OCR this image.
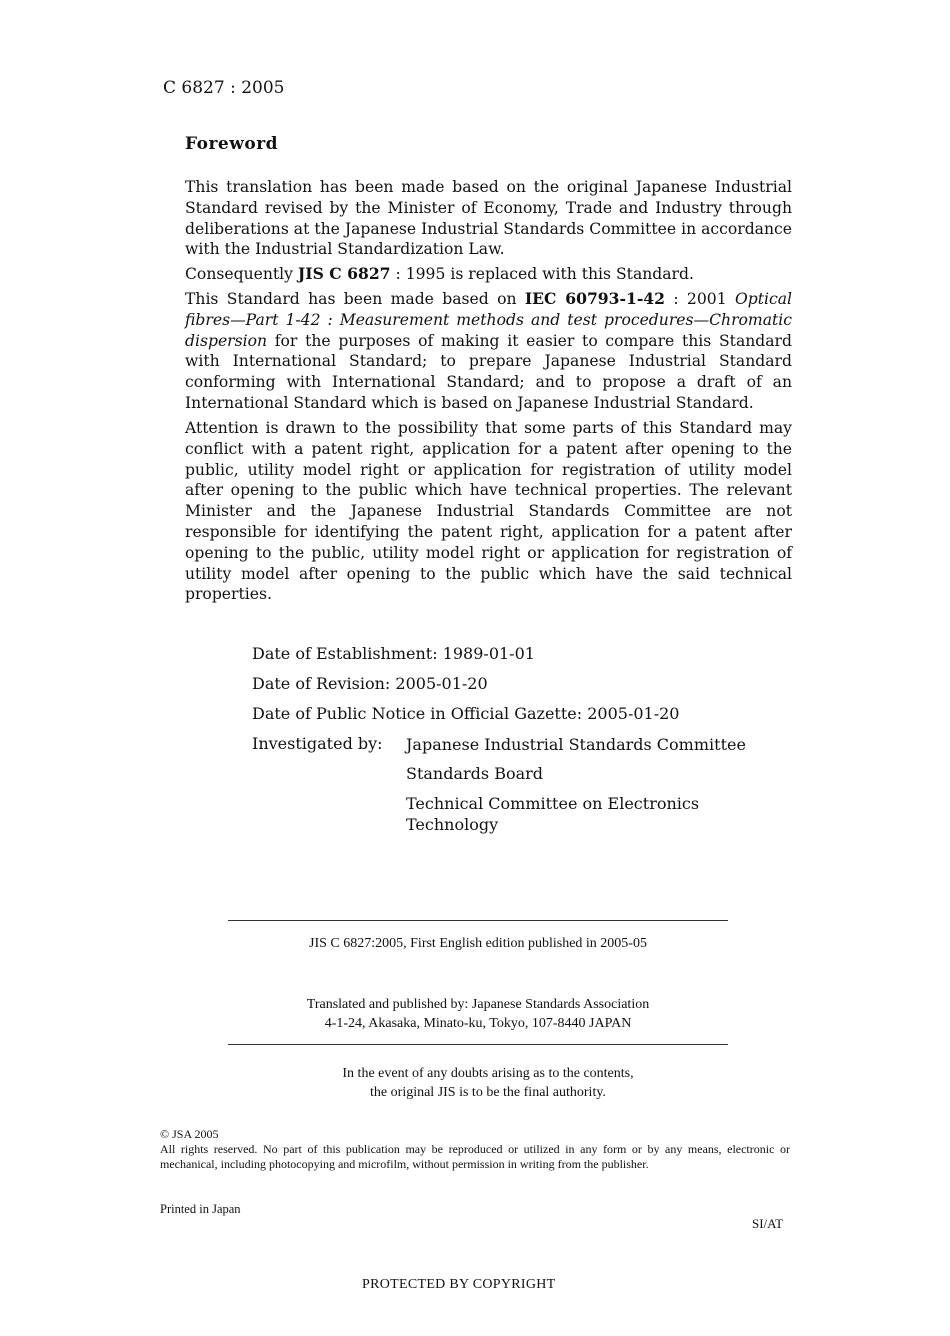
C 6827 : 2005
Foreword

This translation has been made based on the original Japanese Industrial Standard revised by the Minister of Economy, Trade and Industry through deliberations at the Japanese Industrial Standards Committee in accordance with the Industrial Standardization Law.

Consequently JIS C 6827 : 1995 is replaced with this Standard.

This Standard has been made based on IEC 60793-1-42 : 2001 Optical fibres—Part 1-42 : Measurement methods and test procedures—Chromatic dispersion for the purposes of making it easier to compare this Standard with International Standard; to prepare Japanese Industrial Standard conforming with International Standard; and to propose a draft of an International Standard which is based on Japanese Industrial Standard.

Attention is drawn to the possibility that some parts of this Standard may conflict with a patent right, application for a patent after opening to the public, utility model right or application for registration of utility model after opening to the public which have technical properties. The relevant Minister and the Japanese Industrial Standards Committee are not responsible for identifying the patent right, application for a patent after opening to the public, utility model right or application for registration of utility model after opening to the public which have the said technical properties.

Date of Establishment: 1989-01-01
Date of Revision: 2005-01-20
Date of Public Notice in Official Gazette: 2005-01-20
Investigated by: Japanese Industrial Standards Committee
Standards Board
Technical Committee on Electronics Technology
JIS C 6827:2005, First English edition published in 2005-05
Translated and published by: Japanese Standards Association
4-1-24, Akasaka, Minato-ku, Tokyo, 107-8440 JAPAN
In the event of any doubts arising as to the contents,
the original JIS is to be the final authority.
© JSA 2005

All rights reserved. No part of this publication may be reproduced or utilized in any form or by any means, electronic or mechanical, including photocopying and microfilm, without permission in writing from the publisher.

Printed in Japan
SI/AT
PROTECTED BY COPYRIGHT
